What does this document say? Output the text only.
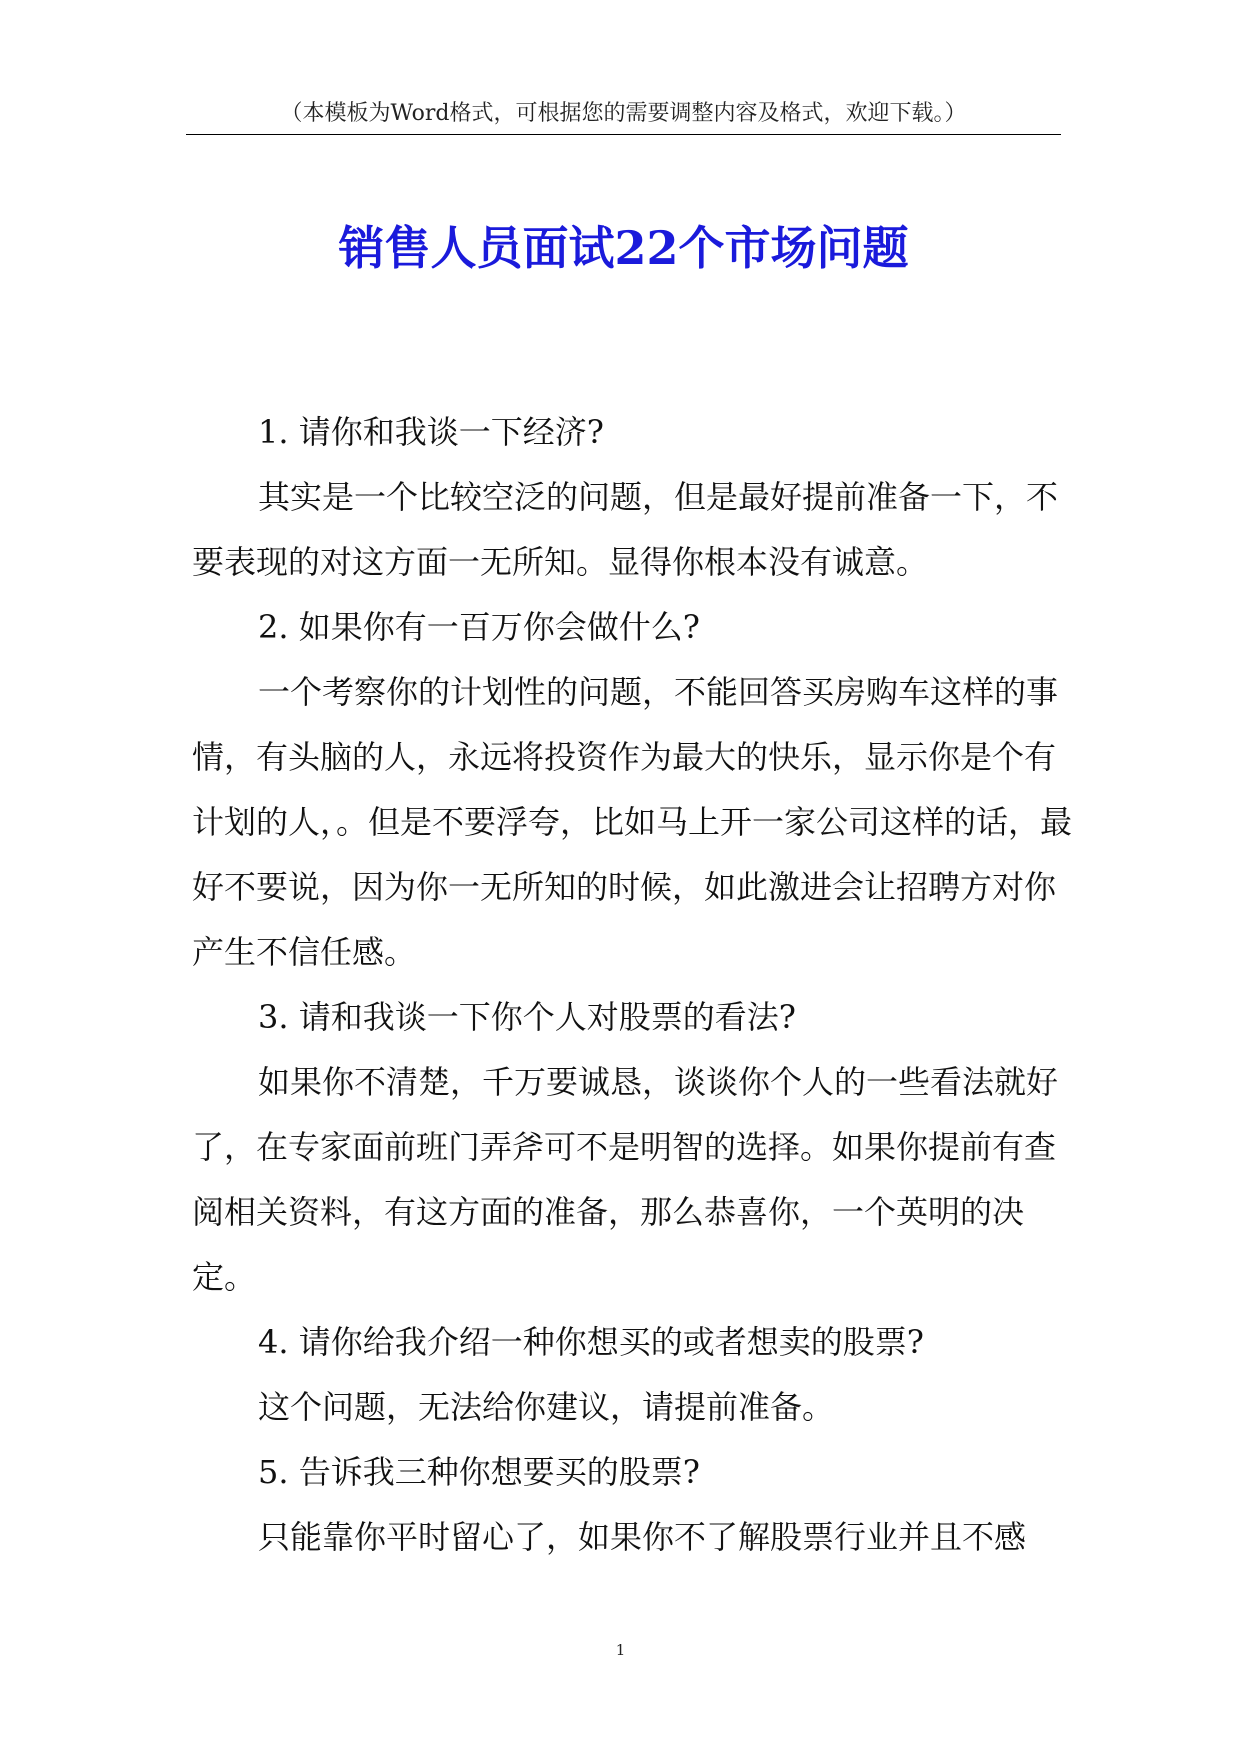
（本模板为Word格式，可根据您的需要调整内容及格式，欢迎下载。）
销售人员面试22个市场问题

1. 请你和我谈一下经济?

其实是一个比较空泛的问题，但是最好提前准备一下，不要表现的对这方面一无所知。显得你根本没有诚意。

2. 如果你有一百万你会做什么?

一个考察你的计划性的问题，不能回答买房购车这样的事情，有头脑的人，永远将投资作为最大的快乐，显示你是个有计划的人，。但是不要浮夸，比如马上开一家公司这样的话，最好不要说，因为你一无所知的时候，如此激进会让招聘方对你产生不信任感。

3. 请和我谈一下你个人对股票的看法?

如果你不清楚，千万要诚恳，谈谈你个人的一些看法就好了，在专家面前班门弄斧可不是明智的选择。如果你提前有查阅相关资料，有这方面的准备，那么恭喜你，一个英明的决定。

4. 请你给我介绍一种你想买的或者想卖的股票?

这个问题，无法给你建议，请提前准备。

5. 告诉我三种你想要买的股票?

只能靠你平时留心了，如果你不了解股票行业并且不感

1
